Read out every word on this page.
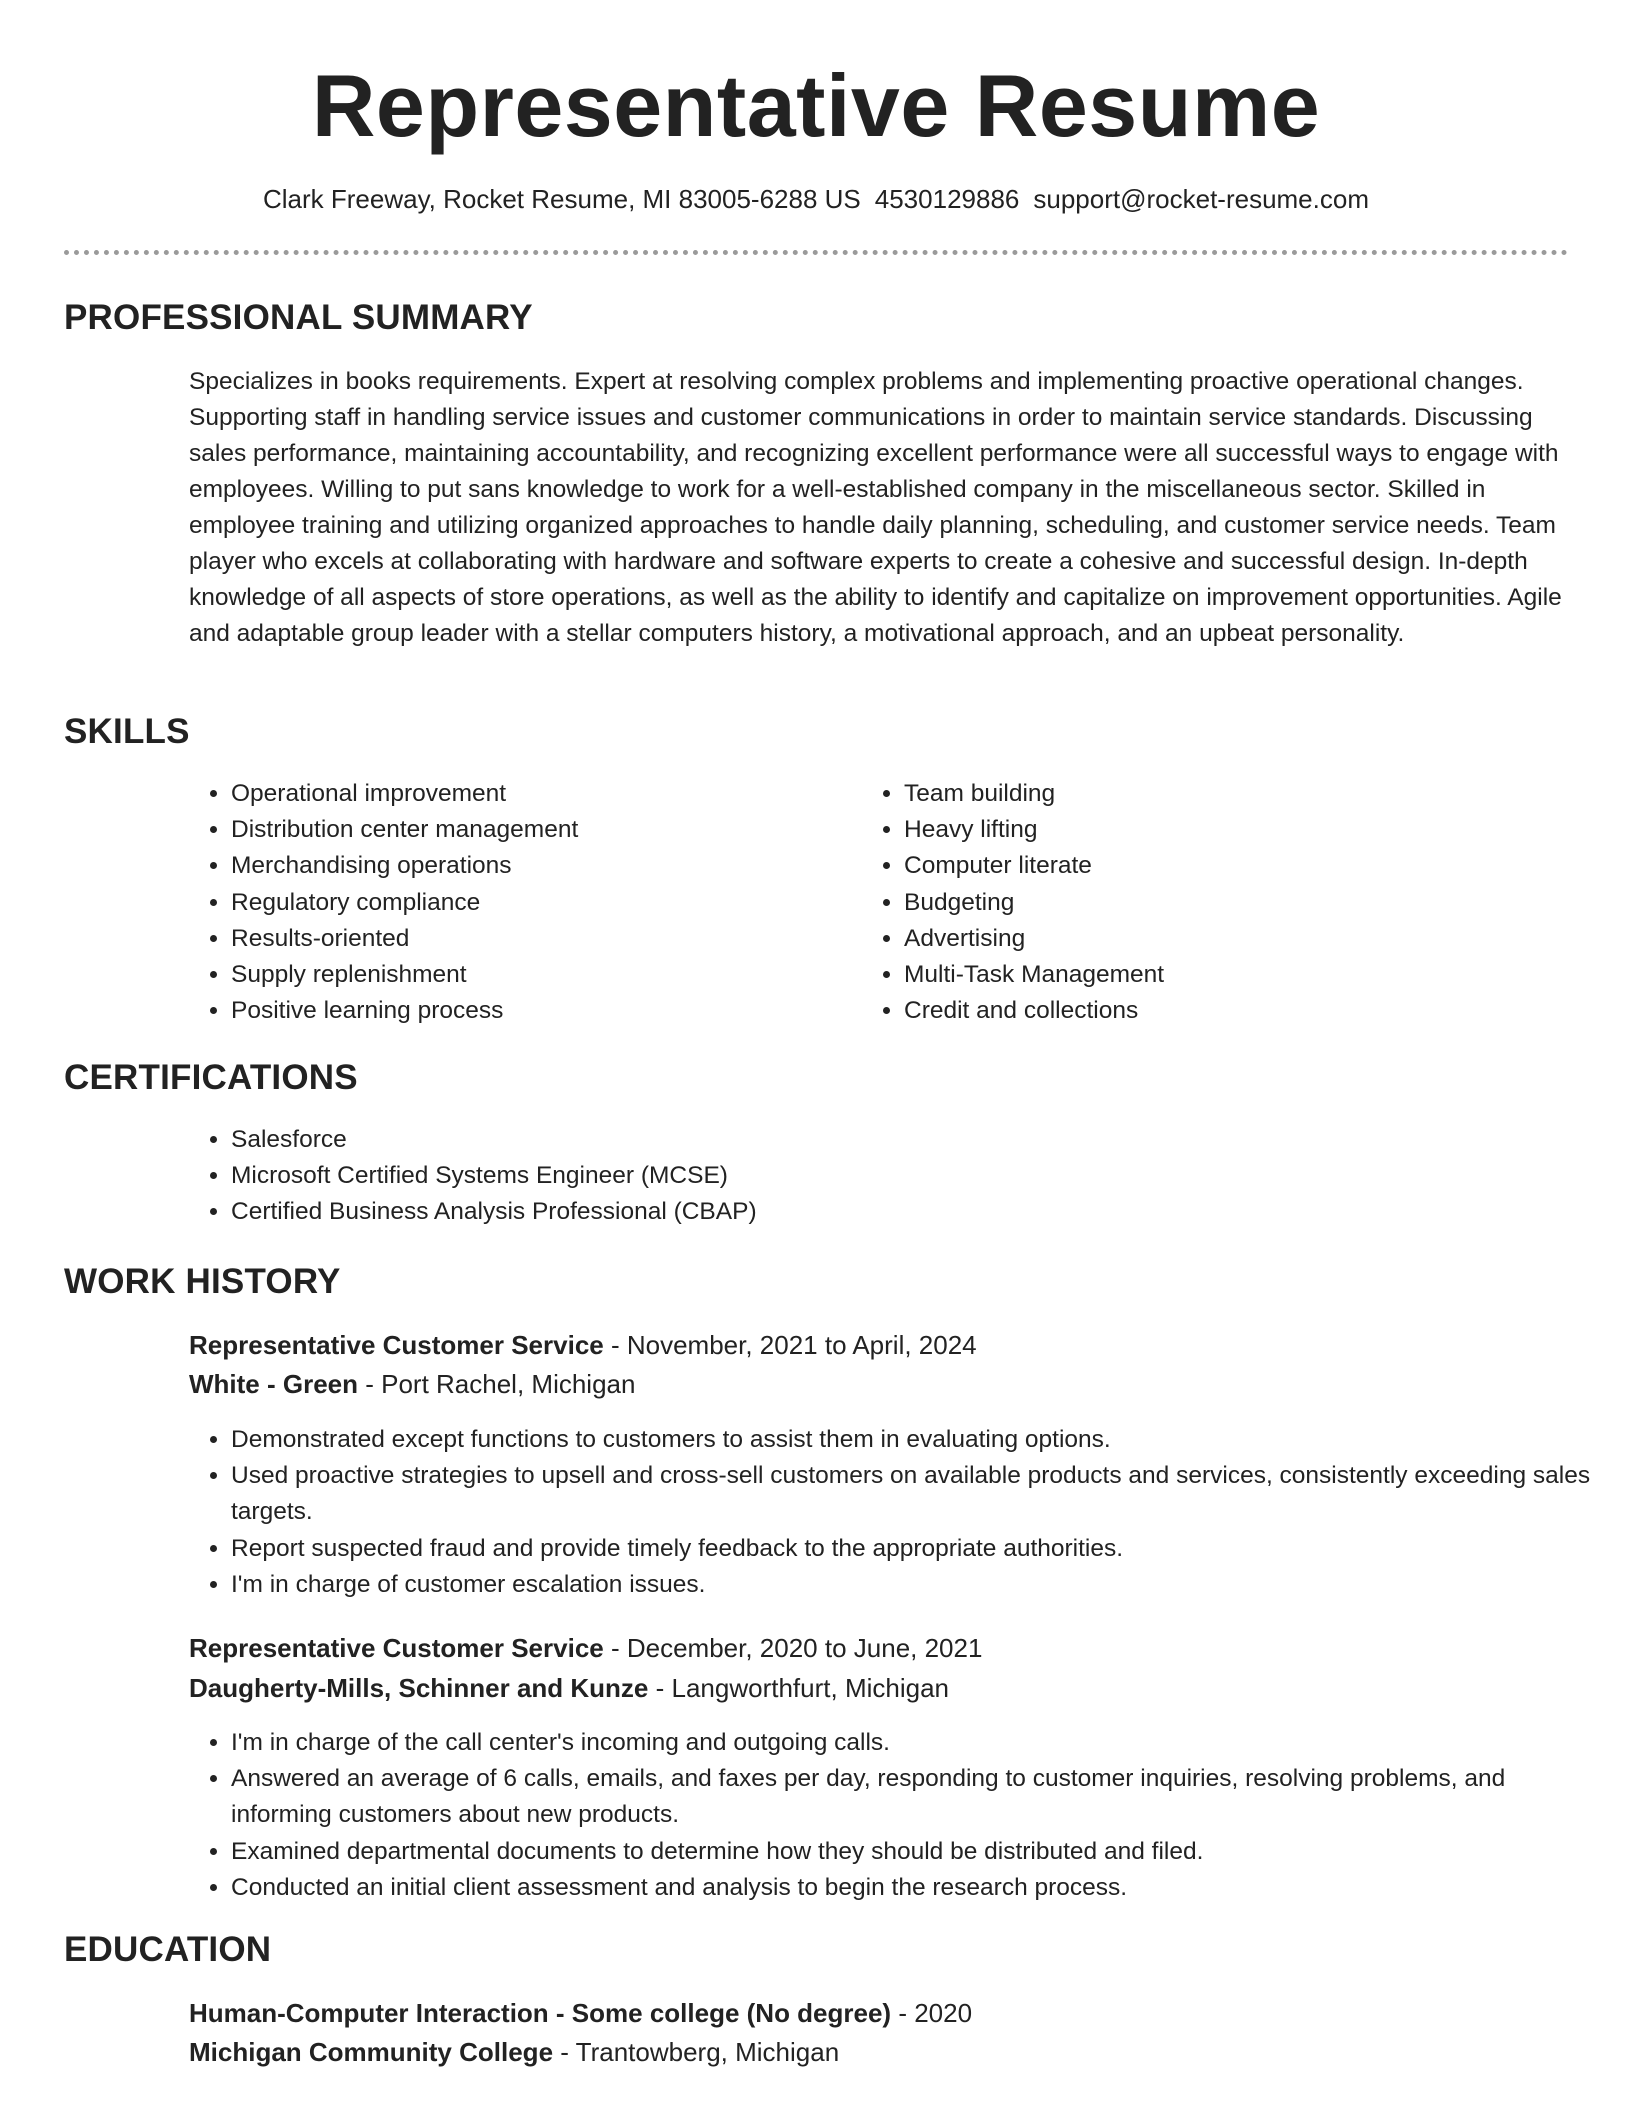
Representative Resume
Clark Freeway, Rocket Resume, MI 83005-6288 US 4530129886 support@rocket-resume.com
PROFESSIONAL SUMMARY

Specializes in books requirements. Expert at resolving complex problems and implementing proactive operational changes. Supporting staff in handling service issues and customer communications in order to maintain service standards. Discussing sales performance, maintaining accountability, and recognizing excellent performance were all successful ways to engage with employees. Willing to put sans knowledge to work for a well-established company in the miscellaneous sector. Skilled in employee training and utilizing organized approaches to handle daily planning, scheduling, and customer service needs. Team player who excels at collaborating with hardware and software experts to create a cohesive and successful design. In-depth knowledge of all aspects of store operations, as well as the ability to identify and capitalize on improvement opportunities. Agile and adaptable group leader with a stellar computers history, a motivational approach, and an upbeat personality.

SKILLS
• Operational improvement
• Distribution center management
• Merchandising operations
• Regulatory compliance
• Results-oriented
• Supply replenishment
• Positive learning process
• Team building
• Heavy lifting
• Computer literate
• Budgeting
• Advertising
• Multi-Task Management
• Credit and collections
CERTIFICATIONS
• Salesforce
• Microsoft Certified Systems Engineer (MCSE)
• Certified Business Analysis Professional (CBAP)
WORK HISTORY
Representative Customer Service - November, 2021 to April, 2024
White - Green - Port Rachel, Michigan
• Demonstrated except functions to customers to assist them in evaluating options.
• Used proactive strategies to upsell and cross-sell customers on available products and services, consistently exceeding sales targets.
• Report suspected fraud and provide timely feedback to the appropriate authorities.
• I'm in charge of customer escalation issues.
Representative Customer Service - December, 2020 to June, 2021
Daugherty-Mills, Schinner and Kunze - Langworthfurt, Michigan
• I'm in charge of the call center's incoming and outgoing calls.
• Answered an average of 6 calls, emails, and faxes per day, responding to customer inquiries, resolving problems, and informing customers about new products.
• Examined departmental documents to determine how they should be distributed and filed.
• Conducted an initial client assessment and analysis to begin the research process.
EDUCATION
Human-Computer Interaction - Some college (No degree) - 2020
Michigan Community College - Trantowberg, Michigan
